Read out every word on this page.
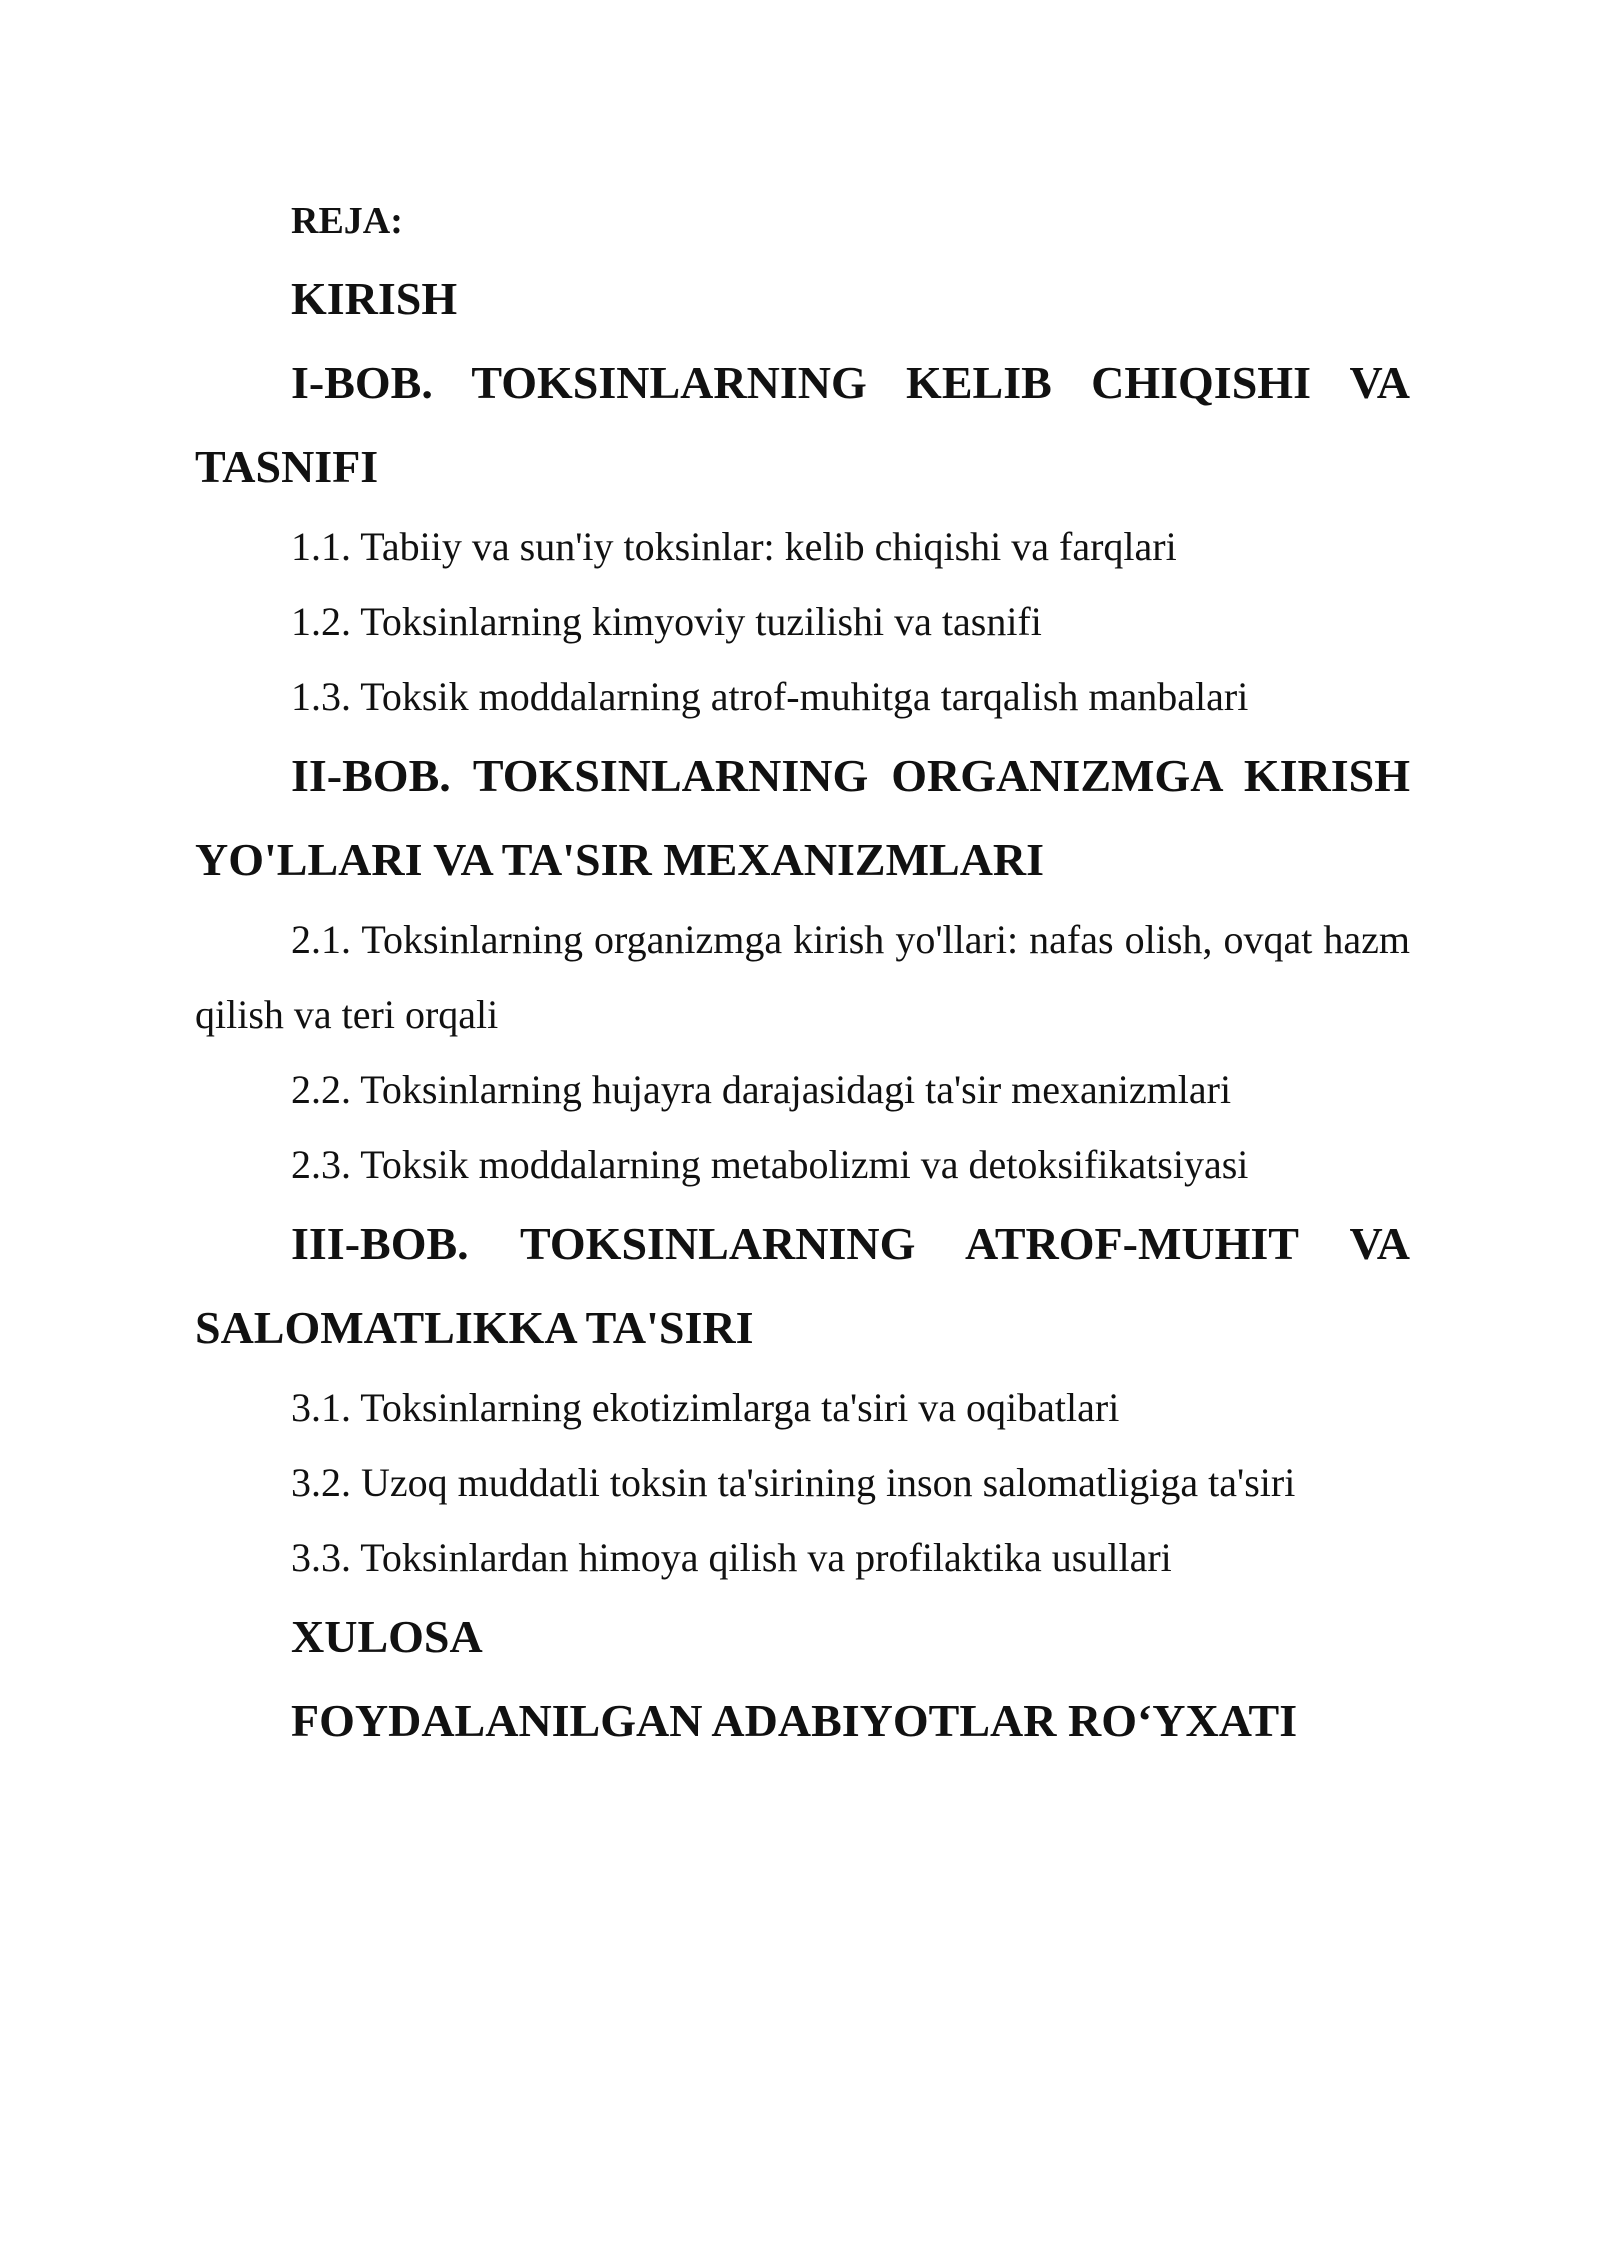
REJA:

KIRISH

I-BOB. TOKSINLARNING KELIB CHIQISHI VA TASNIFI

1.1. Tabiiy va sun'iy toksinlar: kelib chiqishi va farqlari

1.2. Toksinlarning kimyoviy tuzilishi va tasnifi

1.3. Toksik moddalarning atrof-muhitga tarqalish manbalari

II-BOB. TOKSINLARNING ORGANIZMGA KIRISH YO'LLARI VA TA'SIR MEXANIZMLARI

2.1. Toksinlarning organizmga kirish yo'llari: nafas olish, ovqat hazm qilish va teri orqali

2.2. Toksinlarning hujayra darajasidagi ta'sir mexanizmlari

2.3. Toksik moddalarning metabolizmi va detoksifikatsiyasi

III-BOB. TOKSINLARNING ATROF-MUHIT VA SALOMATLIKKA TA'SIRI

3.1. Toksinlarning ekotizimlarga ta'siri va oqibatlari

3.2. Uzoq muddatli toksin ta'sirining inson salomatligiga ta'siri

3.3. Toksinlardan himoya qilish va profilaktika usullari

XULOSA

FOYDALANILGAN ADABIYOTLAR RO‘YXATI
